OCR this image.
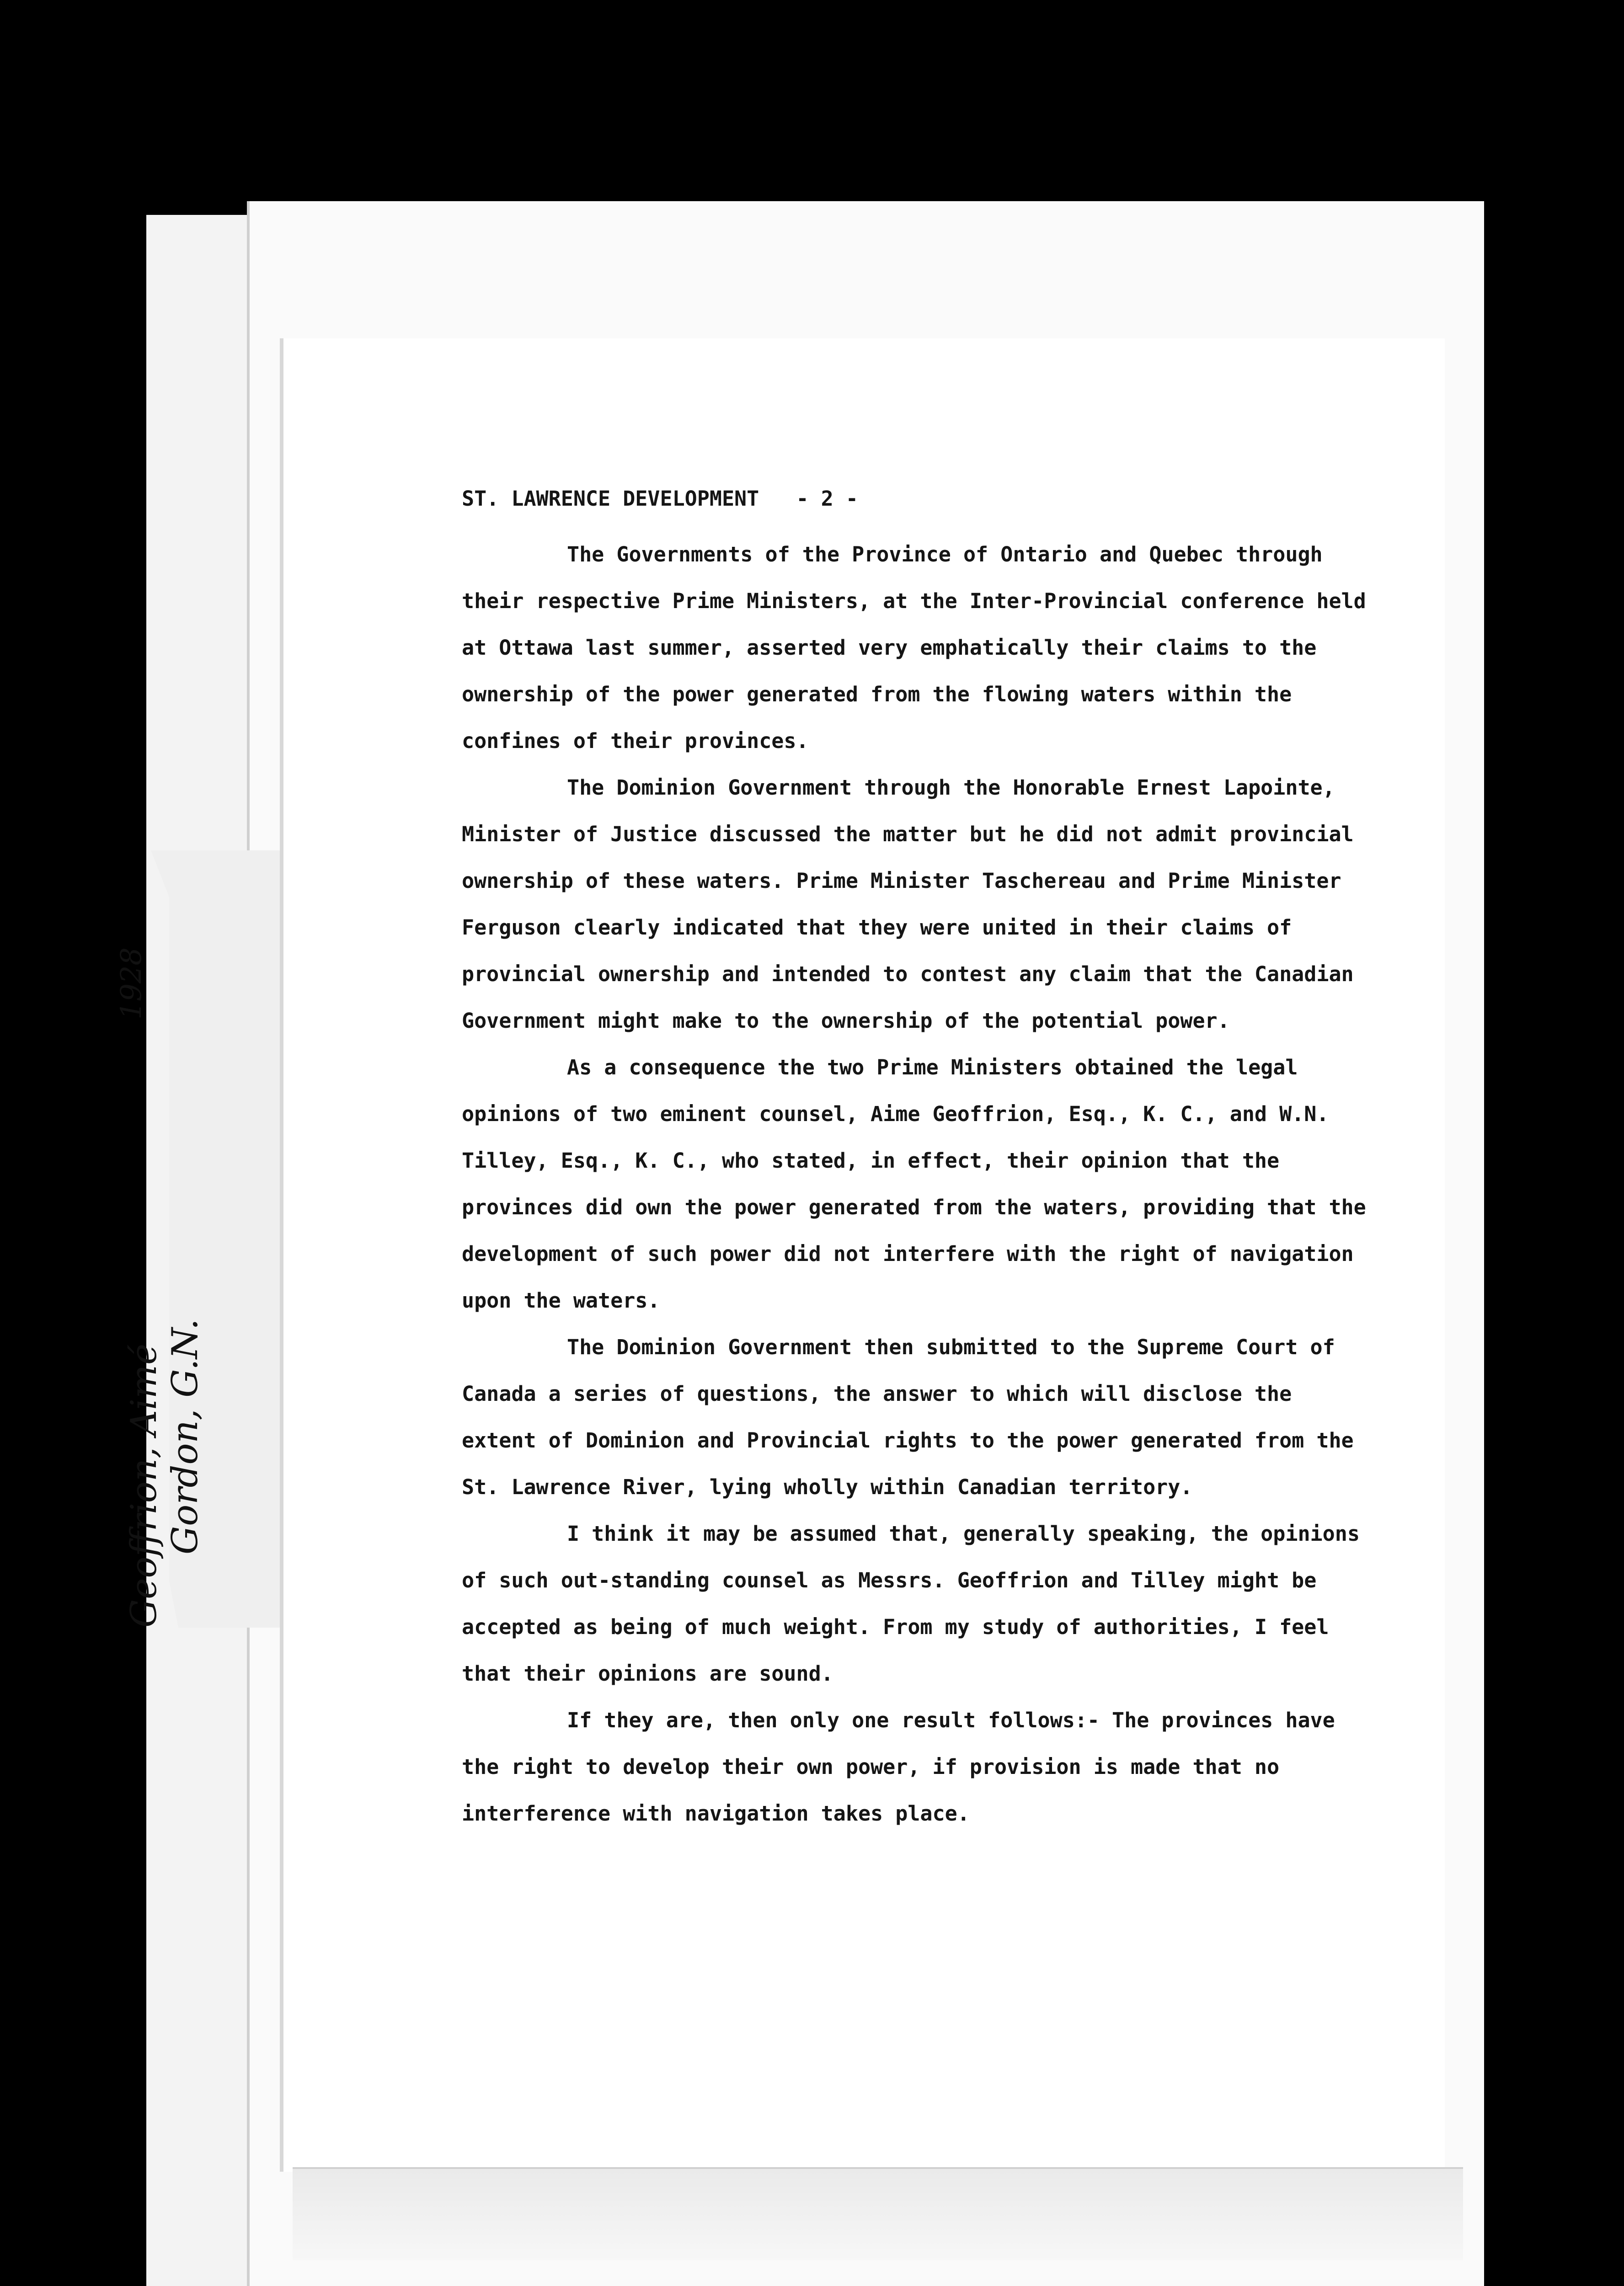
ST. LAWRENCE DEVELOPMENT   - 2 -

The Governments of the Province of Ontario and Quebec through their respective Prime Ministers, at the Inter-Provincial conference held at Ottawa last summer, asserted very emphatically their claims to the ownership of the power generated from the flowing waters within the confines of their provinces.

The Dominion Government through the Honorable Ernest Lapointe, Minister of Justice discussed the matter but he did not admit provincial ownership of these waters. Prime Minister Taschereau and Prime Minister Ferguson clearly indicated that they were united in their claims of provincial ownership and intended to contest any claim that the Canadian Government might make to the ownership of the potential power.

As a consequence the two Prime Ministers obtained the legal opinions of two eminent counsel, Aime Geoffrion, Esq., K. C., and W.N. Tilley, Esq., K. C., who stated, in effect, their opinion that the provinces did own the power generated from the waters, providing that the development of such power did not interfere with the right of navigation upon the waters.

The Dominion Government then submitted to the Supreme Court of Canada a series of questions, the answer to which will disclose the extent of Dominion and Provincial rights to the power generated from the St. Lawrence River, lying wholly within Canadian territory.

I think it may be assumed that, generally speaking, the opinions of such out-standing counsel as Messrs. Geoffrion and Tilley might be accepted as being of much weight. From my study of authorities, I feel that their opinions are sound.

If they are, then only one result follows:- The provinces have the right to develop their own power, if provision is made that no interference with navigation takes place.

1928
Geoffrion, Aimé Gordon, G.N.
